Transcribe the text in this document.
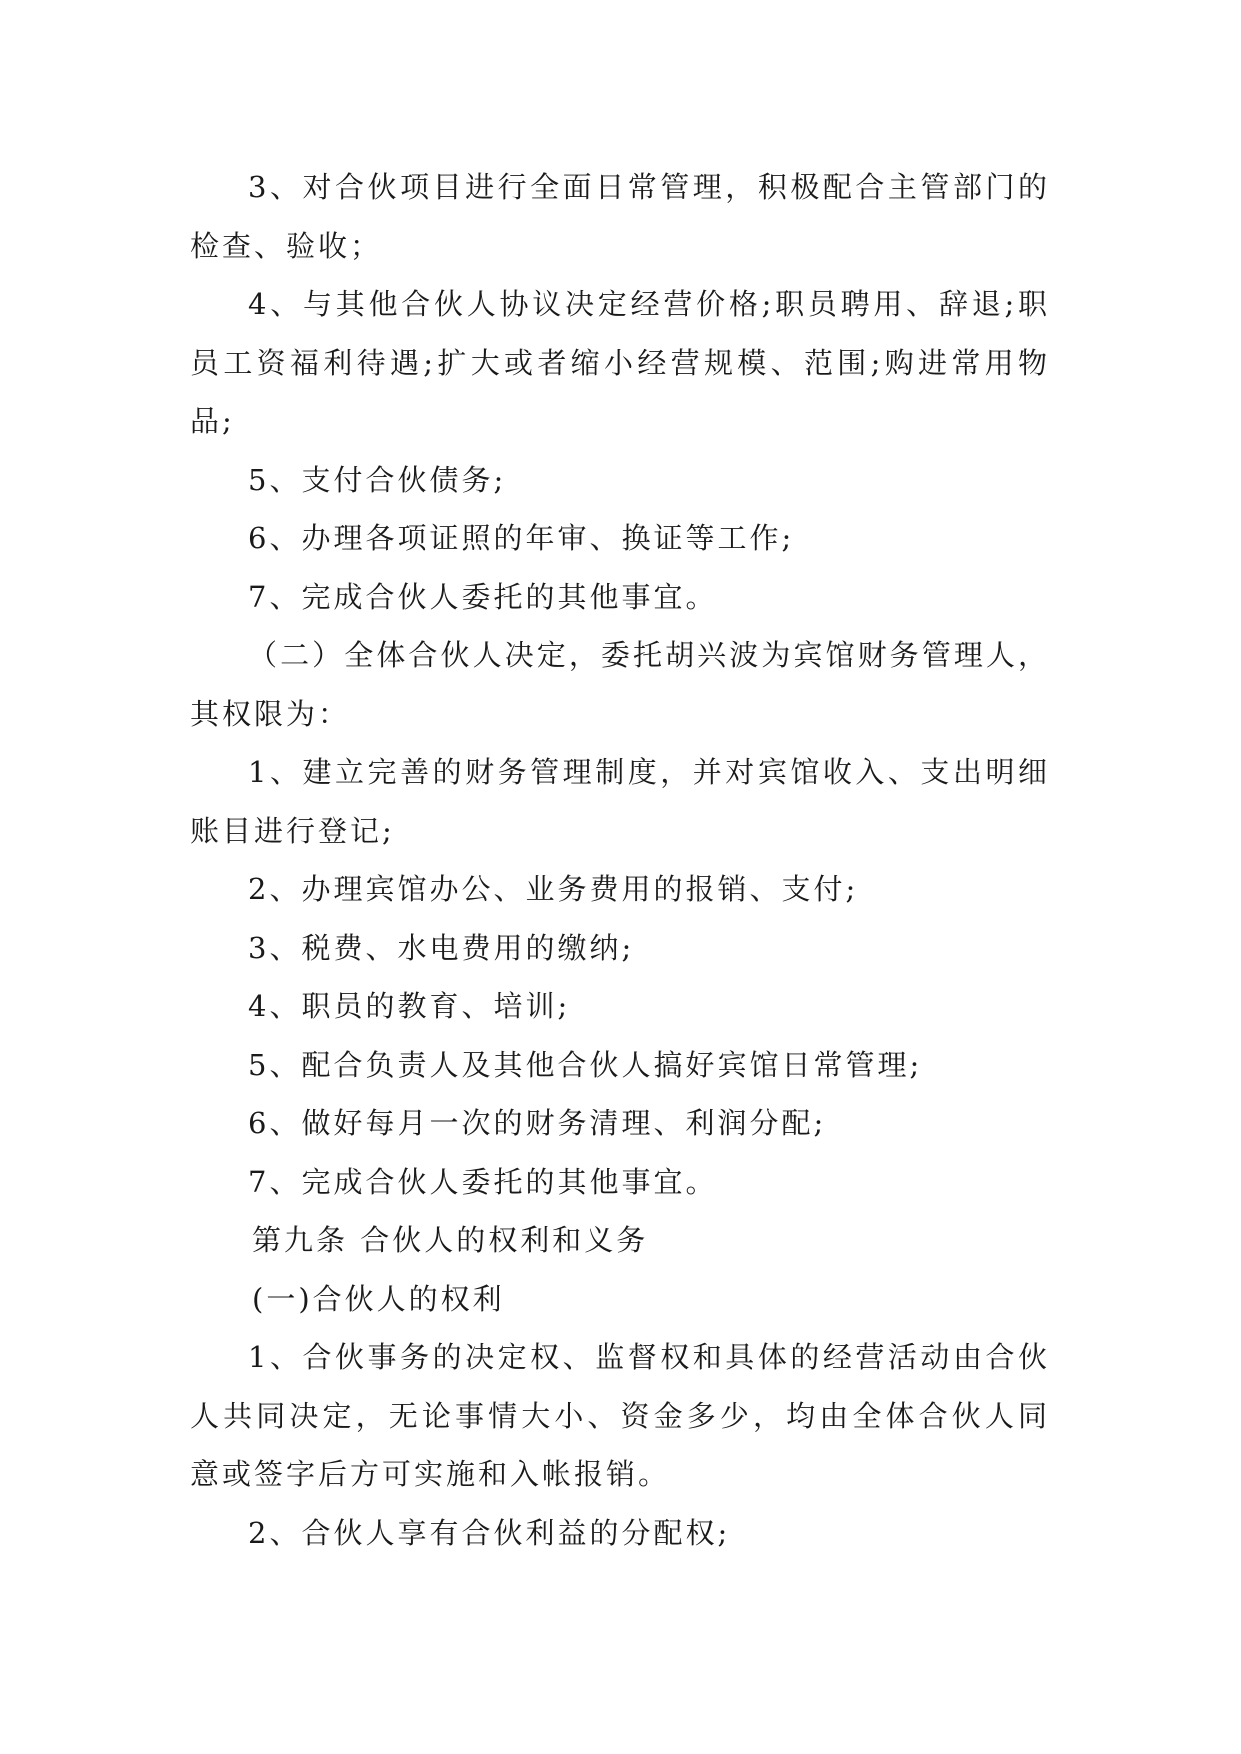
3、对合伙项目进行全面日常管理，积极配合主管部门的检查、验收；

4、与其他合伙人协议决定经营价格;职员聘用、辞退;职员工资福利待遇;扩大或者缩小经营规模、范围;购进常用物品;

5、支付合伙债务;

6、办理各项证照的年审、换证等工作;

7、完成合伙人委托的其他事宜。

（二）全体合伙人决定，委托胡兴波为宾馆财务管理人，其权限为：

1、建立完善的财务管理制度，并对宾馆收入、支出明细账目进行登记;

2、办理宾馆办公、业务费用的报销、支付;

3、税费、水电费用的缴纳;

4、职员的教育、培训;

5、配合负责人及其他合伙人搞好宾馆日常管理;

6、做好每月一次的财务清理、利润分配;

7、完成合伙人委托的其他事宜。

第九条 合伙人的权利和义务

(一)合伙人的权利

1、合伙事务的决定权、监督权和具体的经营活动由合伙人共同决定，无论事情大小、资金多少，均由全体合伙人同意或签字后方可实施和入帐报销。

2、合伙人享有合伙利益的分配权;
